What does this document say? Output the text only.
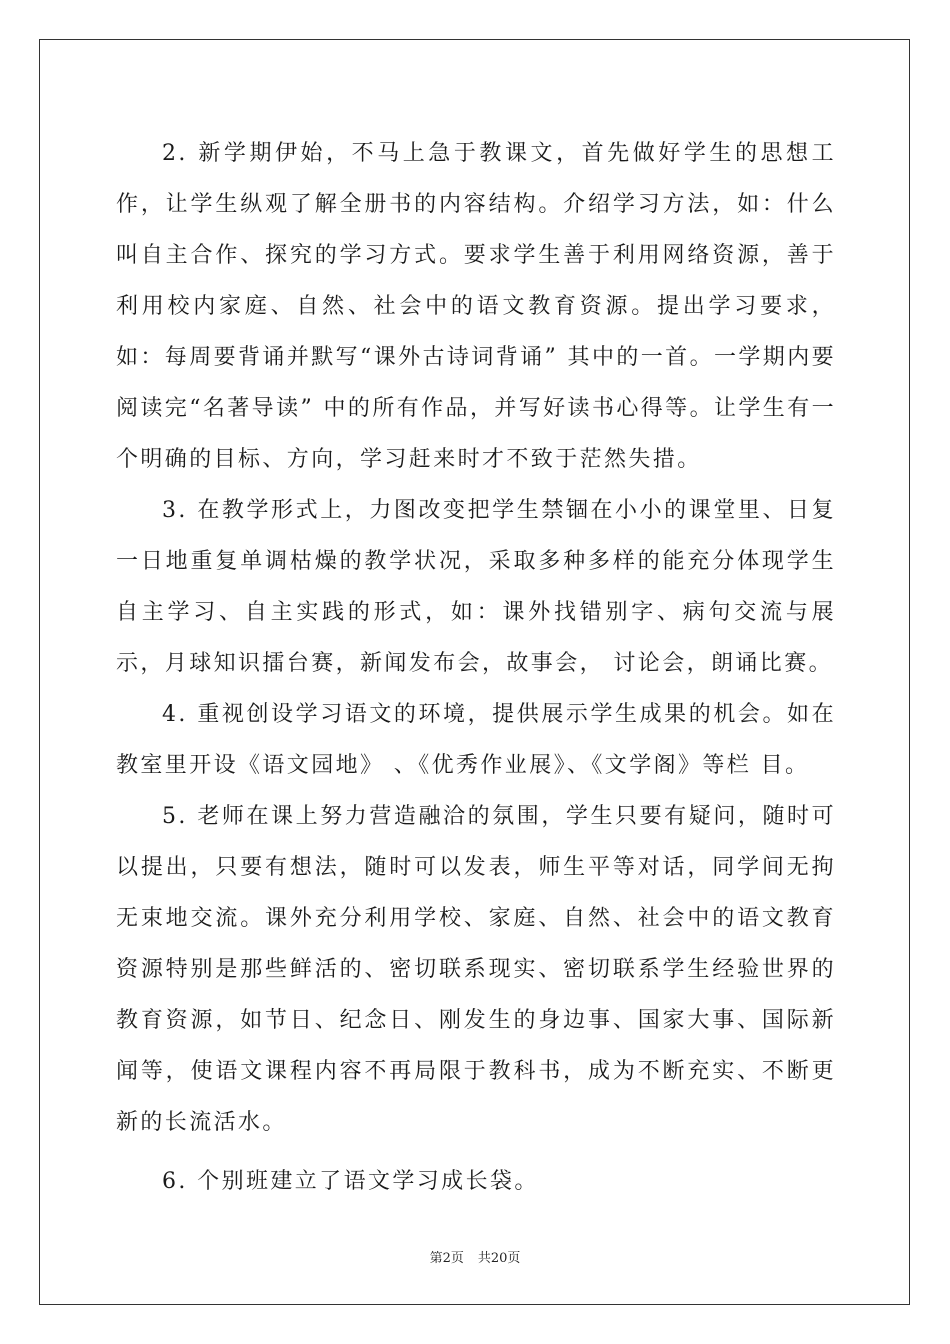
2. 新学期伊始，不马上急于教课文，首先做好学生的思想工作，让学生纵观了解全册书的内容结构。介绍学习方法，如：什么叫自主合作、探究的学习方式。要求学生善于利用网络资源，善于利用校内家庭、自然、社会中的语文教育资源。提出学习要求，如：每周要背诵并默写“课外古诗词背诵” 其中的一首。一学期内要阅读完“名著导读” 中的所有作品，并写好读书心得等。让学生有一个明确的目标、方向，学习赶来时才不致于茫然失措。

3. 在教学形式上，力图改变把学生禁锢在小小的课堂里、日复一日地重复单调枯燥的教学状况，采取多种多样的能充分体现学生自主学习、自主实践的形式，如：课外找错别字、病句交流与展示，月球知识擂台赛，新闻发布会，故事会， 讨论会，朗诵比赛。

4. 重视创设学习语文的环境，提供展示学生成果的机会。如在教室里开设《语文园地》 、《优秀作业展》、《文学阁》等栏 目。

5. 老师在课上努力营造融洽的氛围，学生只要有疑问，随时可以提出，只要有想法，随时可以发表，师生平等对话，同学间无拘无束地交流。课外充分利用学校、家庭、自然、社会中的语文教育资源特别是那些鲜活的、密切联系现实、密切联系学生经验世界的教育资源，如节日、纪念日、刚发生的身边事、国家大事、国际新闻等，使语文课程内容不再局限于教科书，成为不断充实、不断更新的长流活水。

6. 个别班建立了语文学习成长袋。

第2页 共20页
